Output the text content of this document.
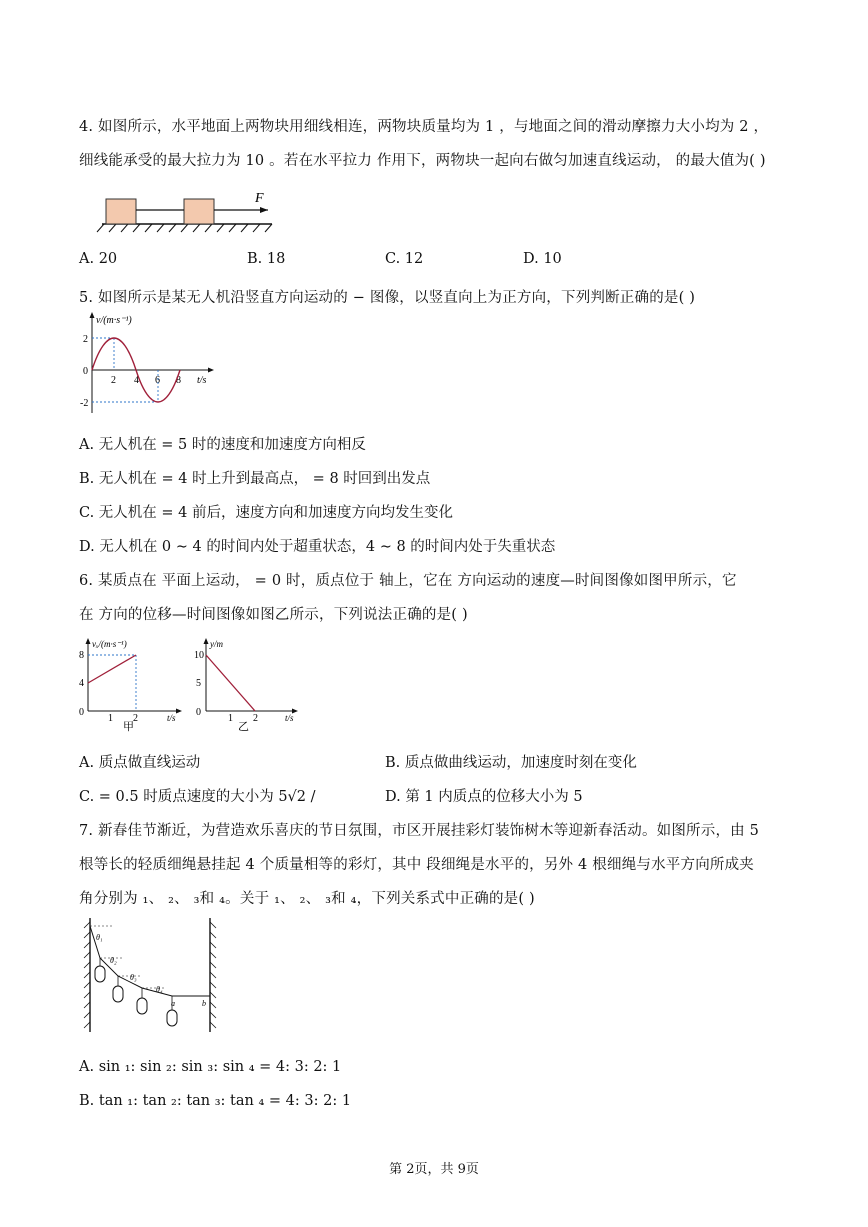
4. 如图所示，水平地面上两物块用细线相连，两物块质量均为 1 ，与地面之间的滑动摩擦力大小均为 2 ，
细线能承受的最大拉力为 10 。若在水平拉力 作用下，两物块一起向右做匀加速直线运动， 的最大值为( )
F
A. 20	B. 18	C. 12	D. 10
5. 如图所示是某无人机沿竖直方向运动的 − 图像，以竖直向上为正方向，下列判断正确的是( )
v/(m·s⁻¹)
t/s
2
0
-2
2 4 6 8
A. 无人机在 = 5 时的速度和加速度方向相反
B. 无人机在 = 4 时上升到最高点， = 8 时回到出发点
C. 无人机在 = 4 前后，速度方向和加速度方向均发生变化
D. 无人机在 0 ∼ 4 的时间内处于超重状态，4 ∼ 8 的时间内处于失重状态
6. 某质点在 平面上运动， = 0 时，质点位于 轴上，它在 方向运动的速度—时间图像如图甲所示，它
在 方向的位移—时间图像如图乙所示，下列说法正确的是( )
vₓ/(m·s⁻¹)
t/s
8
4
0
1 2
甲
y/m
t/s
10
5
0
1 2
乙
A. 质点做直线运动	B. 质点做曲线运动，加速度时刻在变化
C. = 0.5 时质点速度的大小为 5√2 /	D. 第 1 内质点的位移大小为 5
7. 新春佳节渐近，为营造欢乐喜庆的节日氛围，市区开展挂彩灯装饰树木等迎新春活动。如图所示，由 5
根等长的轻质细绳悬挂起 4 个质量相等的彩灯，其中 段细绳是水平的，另外 4 根细绳与水平方向所成夹
角分别为 ₁、 ₂、 ₃和 ₄。关于 ₁、 ₂、 ₃和 ₄，下列关系式中正确的是( )
θ₁
θ₂
θ₃
θ₄
a	b
A. sin ₁: sin ₂: sin ₃: sin ₄ = 4: 3: 2: 1
B. tan ₁: tan ₂: tan ₃: tan ₄ = 4: 3: 2: 1
第 2页，共 9页
